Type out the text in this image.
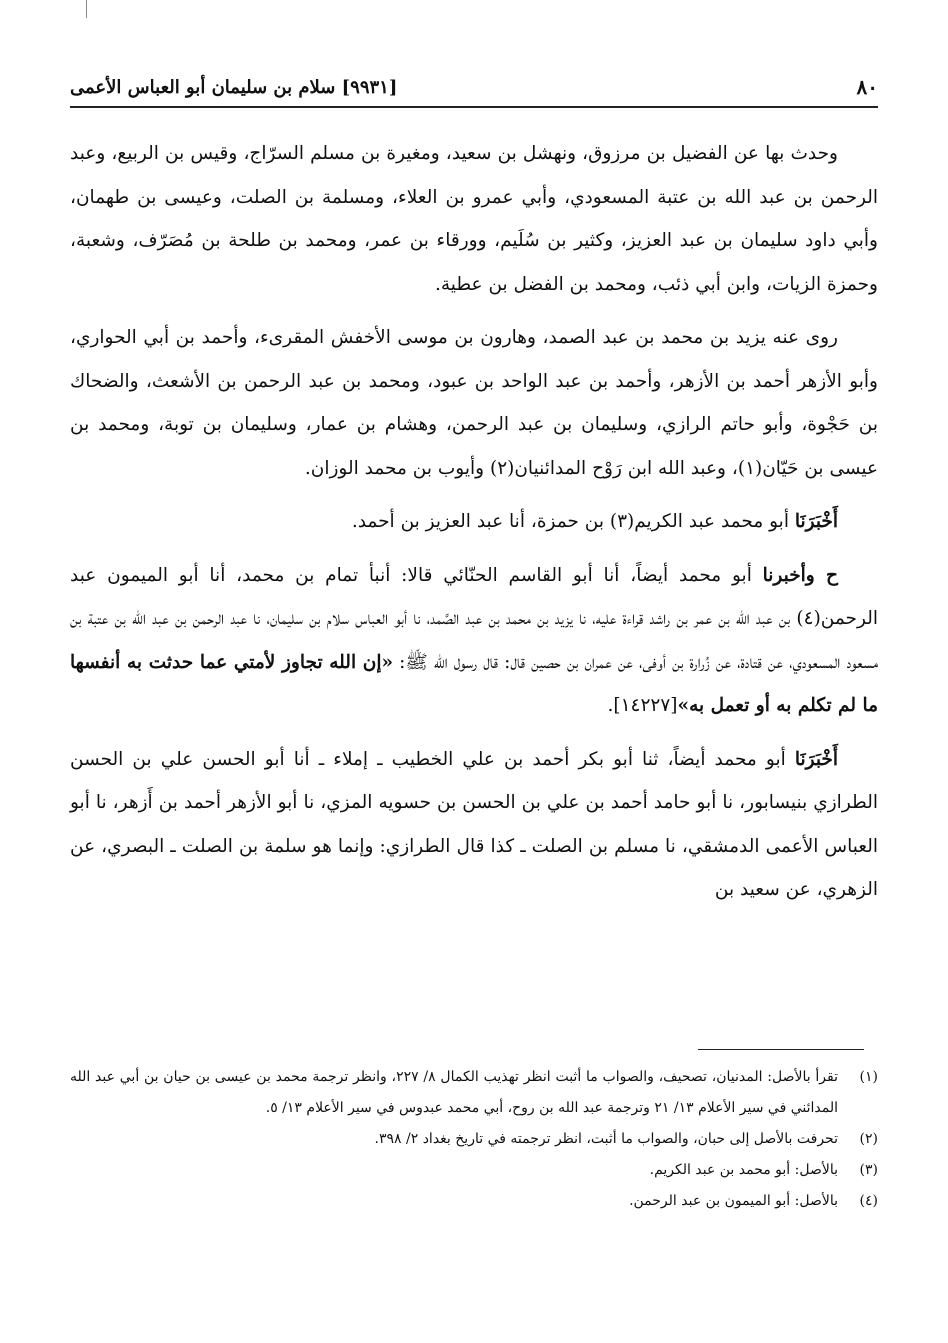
٨٠
[٩٩٣١] سلام بن سليمان أبو العباس الأعمى

وحدث بها عن الفضيل بن مرزوق، ونهشل بن سعيد، ومغيرة بن مسلم السرّاج، وقيس بن الربيع، وعبد الرحمن بن عبد الله بن عتبة المسعودي، وأبي عمرو بن العلاء، ومسلمة بن الصلت، وعيسى بن طهمان، وأبي داود سليمان بن عبد العزيز، وكثير بن سُلَيم، وورقاء بن عمر، ومحمد بن طلحة بن مُصَرّف، وشعبة، وحمزة الزيات، وابن أبي ذئب، ومحمد بن الفضل بن عطية.

روى عنه يزيد بن محمد بن عبد الصمد، وهارون بن موسى الأخفش المقرىء، وأحمد بن أبي الحواري، وأبو الأزهر أحمد بن الأزهر، وأحمد بن عبد الواحد بن عبود، ومحمد بن عبد الرحمن بن الأشعث، والضحاك بن حَجْوة، وأبو حاتم الرازي، وسليمان بن عبد الرحمن، وهشام بن عمار، وسليمان بن توبة، ومحمد بن عيسى بن حَيّان(١)، وعبد الله ابن رَوْح المدائنيان(٢) وأيوب بن محمد الوزان.

أَخْبَرَنَا أبو محمد عبد الكريم(٣) بن حمزة، أنا عبد العزيز بن أحمد.

ح وأخبرنا أبو محمد أيضاً، أنا أبو القاسم الحنّائي قالا: أنبأ تمام بن محمد، أنا أبو الميمون عبد الرحمن(٤) بن عبد الله بن عمر بن راشد قراءة عليه، نا يزيد بن محمد بن عبد الصَّمد، نا أبو العباس سلام بن سليمان، نا عبد الرحمن بن عبد الله بن عتبة بن مسعود المسعودي، عن قتادة، عن زُرارة بن أوفى، عن عمران بن حصين قال: قال رسول الله ﷺ: «إن الله تجاوز لأمتي عما حدثت به أنفسها ما لم تكلم به أو تعمل به»[١٤٢٢٧].

أَخْبَرَنَا أبو محمد أيضاً، ثنا أبو بكر أحمد بن علي الخطيب ـ إملاء ـ أنا أبو الحسن علي بن الحسن الطرازي بنيسابور، نا أبو حامد أحمد بن علي بن الحسن بن حسويه المزي، نا أبو الأزهر أحمد بن أَزهر، نا أبو العباس الأعمى الدمشقي، نا مسلم بن الصلت ـ كذا قال الطرازي: وإنما هو سلمة بن الصلت ـ البصري، عن الزهري، عن سعيد بن

(١)
تقرأ بالأصل: المدنيان، تصحيف، والصواب ما أثبت انظر تهذيب الكمال ٨/ ٢٢٧، وانظر ترجمة محمد بن عيسى بن حيان بن أبي عبد الله المدائني في سير الأعلام ١٣/ ٢١ وترجمة عبد الله بن روح، أبي محمد عبدوس في سير الأعلام ١٣/ ٥.
(٢)
تحرفت بالأصل إلى حبان، والصواب ما أثبت، انظر ترجمته في تاريخ بغداد ٢/ ٣٩٨.
(٣)
بالأصل: أبو محمد بن عبد الكريم.
(٤)
بالأصل: أبو الميمون بن عبد الرحمن.
